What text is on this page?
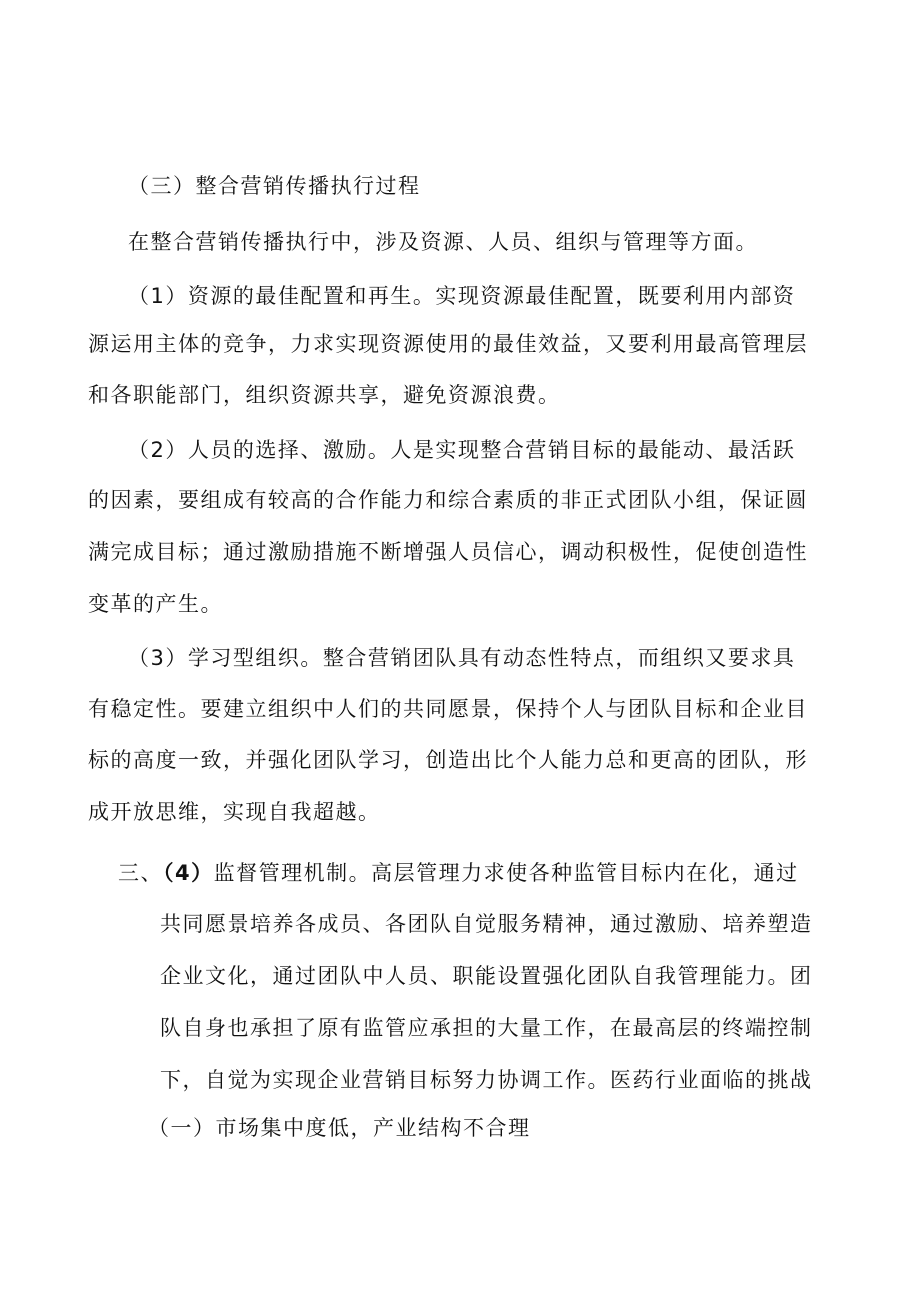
（三）整合营销传播执行过程

在整合营销传播执行中，涉及资源、人员、组织与管理等方面。

（1）资源的最佳配置和再生。实现资源最佳配置，既要利用内部资

源运用主体的竞争，力求实现资源使用的最佳效益，又要利用最高管理层

和各职能部门，组织资源共享，避免资源浪费。

（2）人员的选择、激励。人是实现整合营销目标的最能动、最活跃

的因素，要组成有较高的合作能力和综合素质的非正式团队小组，保证圆

满完成目标；通过激励措施不断增强人员信心，调动积极性，促使创造性

变革的产生。

（3）学习型组织。整合营销团队具有动态性特点，而组织又要求具

有稳定性。要建立组织中人们的共同愿景，保持个人与团队目标和企业目

标的高度一致，并强化团队学习，创造出比个人能力总和更高的团队，形

成开放思维，实现自我超越。

三、（4）监督管理机制。高层管理力求使各种监管目标内在化，通过

共同愿景培养各成员、各团队自觉服务精神，通过激励、培养塑造

企业文化，通过团队中人员、职能设置强化团队自我管理能力。团

队自身也承担了原有监管应承担的大量工作，在最高层的终端控制

下，自觉为实现企业营销目标努力协调工作。医药行业面临的挑战

（一）市场集中度低，产业结构不合理
